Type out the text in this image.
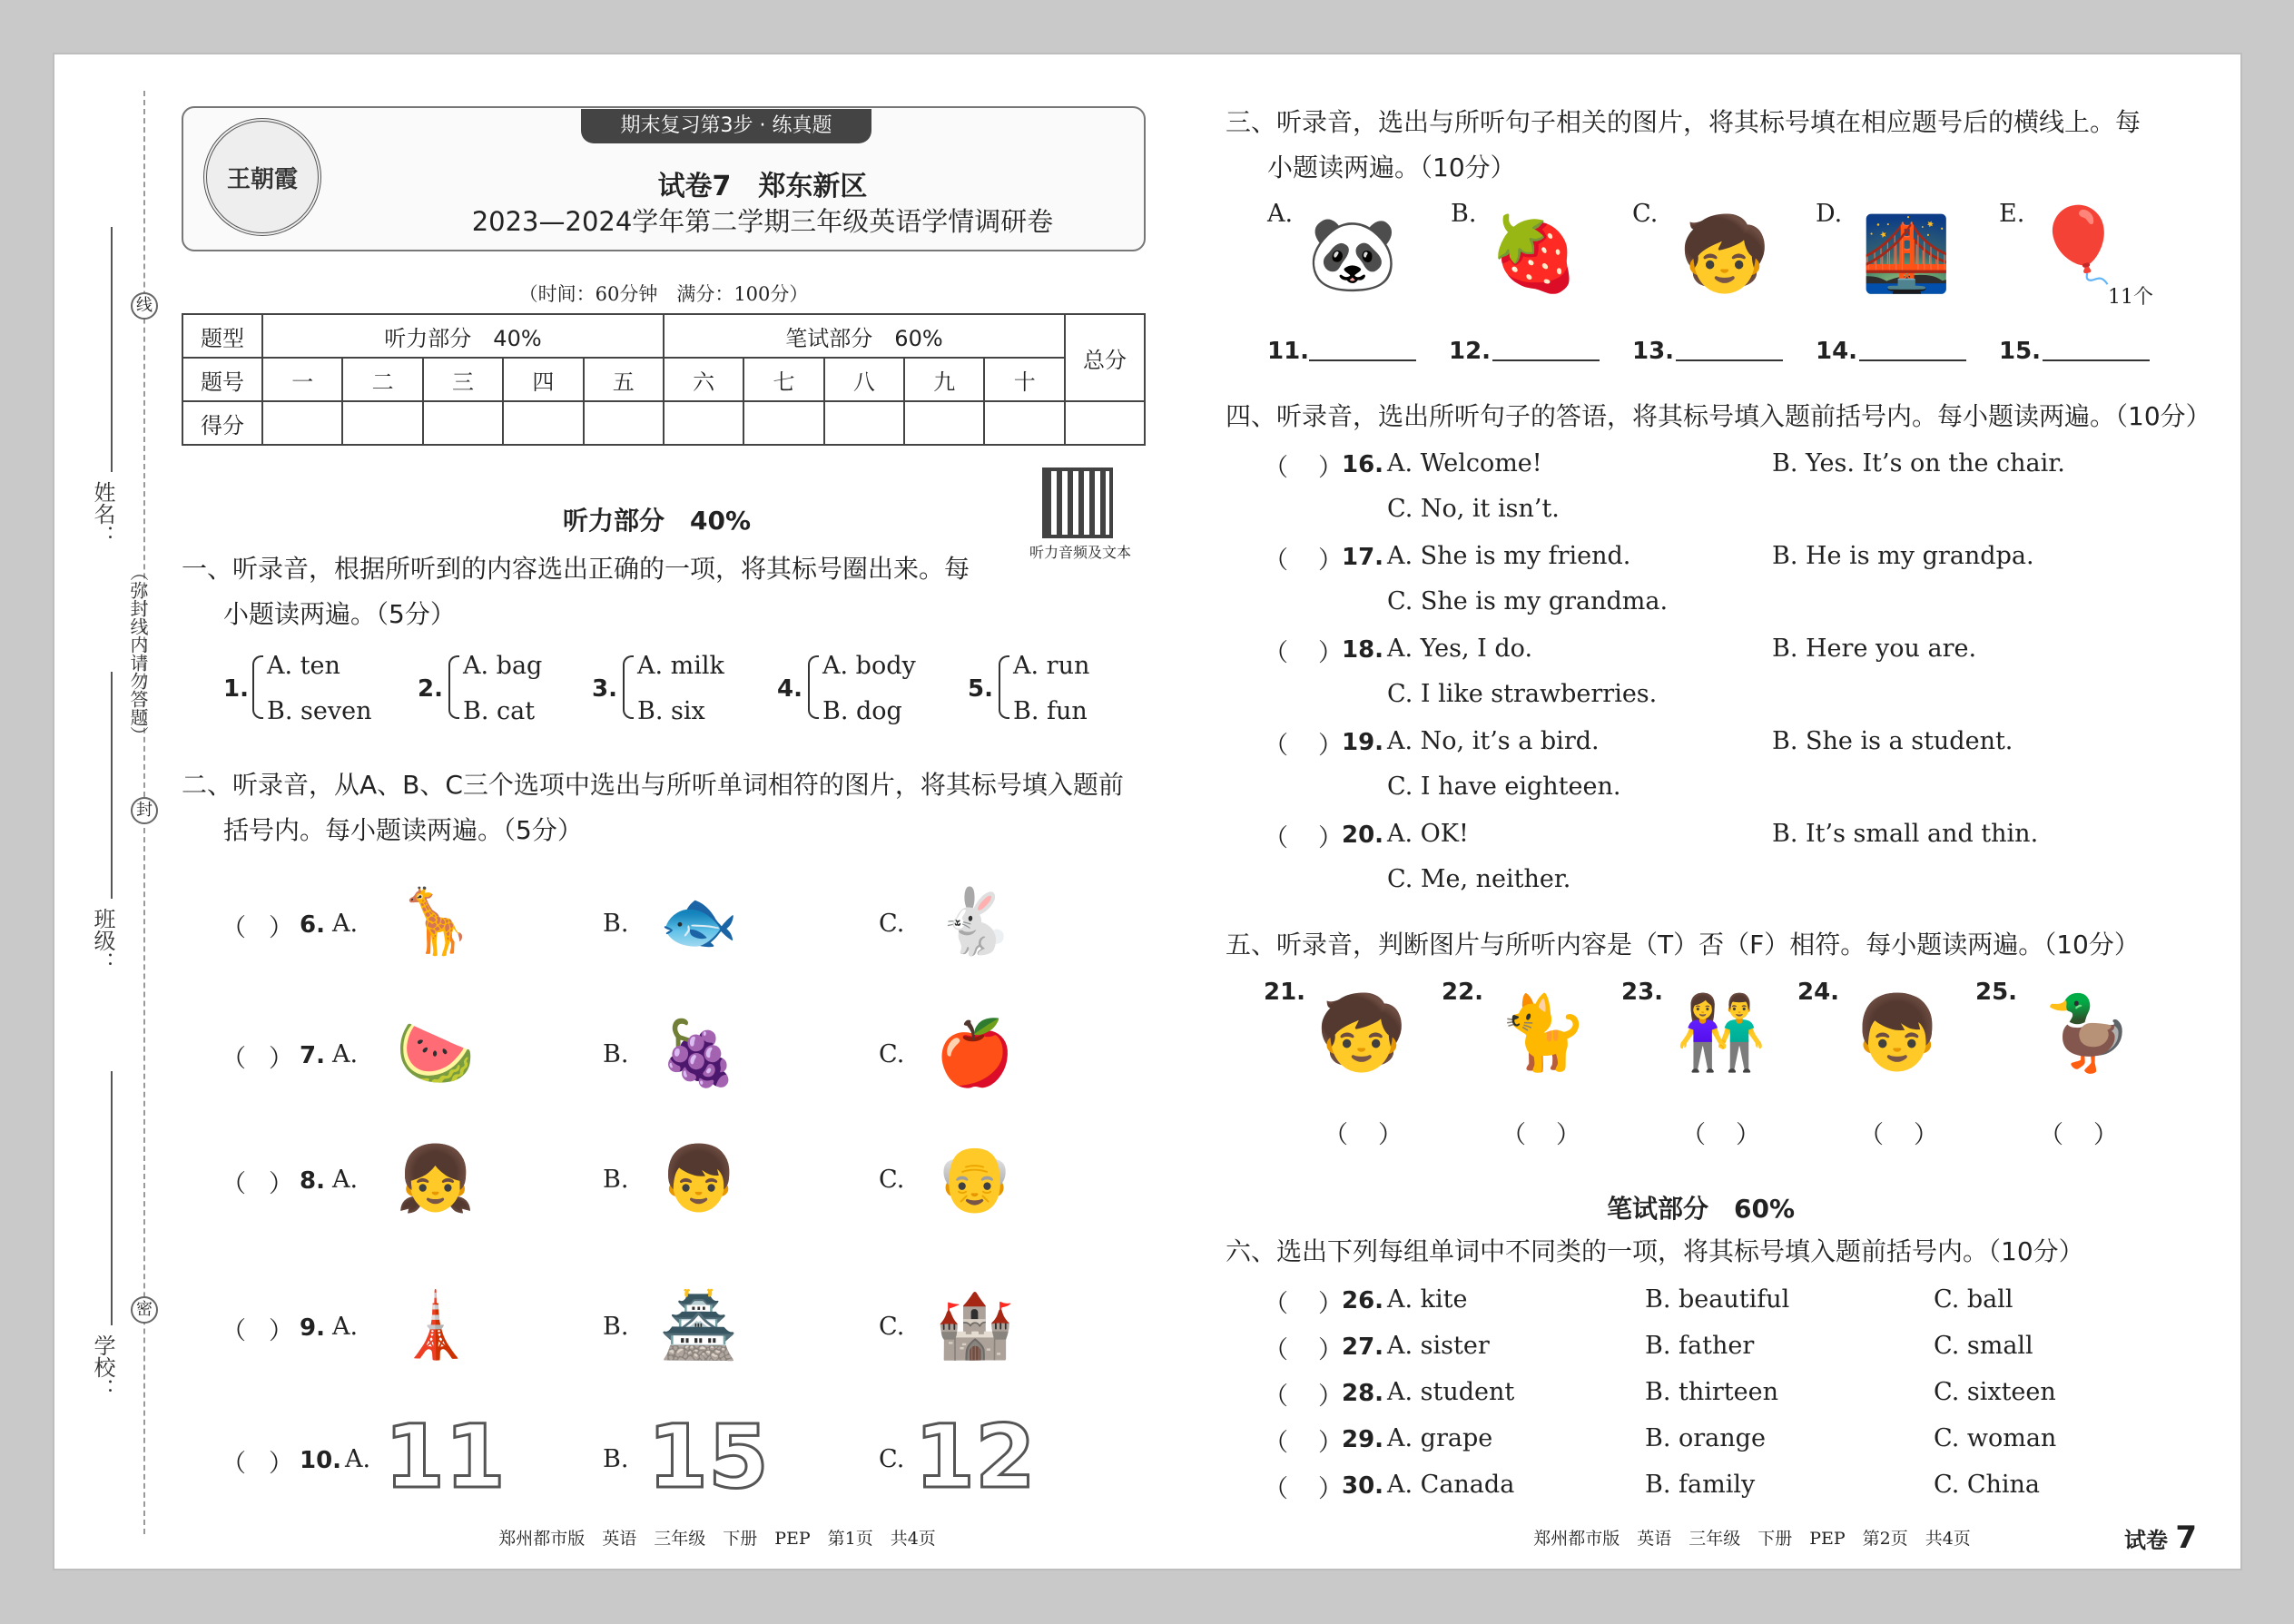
线
（弥封线内请勿答题）
封
密
姓名：
班级：
学校：
期末复习第3步 · 练真题
王朝霞	试卷7　郑东新区
2023—2024学年第二学期三年级英语学情调研卷
（时间：60分钟　满分：100分）
题型	听力部分　40%					笔试部分　60%					总分
题号	一	二	三	四	五	六	七	八	九	十	
得分											
听力音频及文本
听力部分　40%
一、听录音，根据所听到的内容选出正确的一项，将其标号圈出来。每
小题读两遍。（5分）
1.
A. ten
B. seven
2.
A. bag
B. cat
3.
A. milk
B. six
4.
A. body
B. dog
5.
A. run
B. fun
二、听录音，从A、B、C三个选项中选出与所听单词相符的图片，将其标号填入题前
括号内。每小题读两遍。（5分）
（ ） 6. A. 🦒	B. 🐟	C. 🐇
（ ） 7. A. 🍉	B. 🍇	C. 🍎
（ ） 8. A. 👧	B. 👦	C. 👴
（ ） 9. A. 🗼	B. 🏯	C. 🏰
（ ） 10. A. 11	B. 15	C. 12
郑州都市版　英语　三年级　下册　PEP　第1页　共4页
三、听录音，选出与所听句子相关的图片，将其标号填在相应题号后的横线上。每
小题读两遍。（10分）
A. 🐼	B. 🍓	C. 🧒	D. 🌉	E. 🎈
11个
11.	12.	13.	14.	15.
四、听录音，选出所听句子的答语，将其标号填入题前括号内。每小题读两遍。（10分）
（ ） 16. A. Welcome!	B. Yes. It’s on the chair.
C. No, it isn’t.
（ ） 17. A. She is my friend.	B. He is my grandpa.
C. She is my grandma.
（ ） 18. A. Yes, I do.	B. Here you are.
C. I like strawberries.
（ ） 19. A. No, it’s a bird.	B. She is a student.
C. I have eighteen.
（ ） 20. A. OK!	B. It’s small and thin.
C. Me, neither.
五、听录音，判断图片与所听内容是（T）否（F）相符。每小题读两遍。（10分）
21. 🧒
（ ）
22. 🐈
（ ）
23. 👫
（ ）
24. 👦
（ ）
25. 🦆
（ ）
笔试部分　60%
六、选出下列每组单词中不同类的一项，将其标号填入题前括号内。（10分）
（ ） 26. A. kite	B. beautiful	C. ball
（ ） 27. A. sister	B. father	C. small
（ ） 28. A. student	B. thirteen	C. sixteen
（ ） 29. A. grape	B. orange	C. woman
（ ） 30. A. Canada	B. family	C. China
郑州都市版　英语　三年级　下册　PEP　第2页　共4页	试卷 7
